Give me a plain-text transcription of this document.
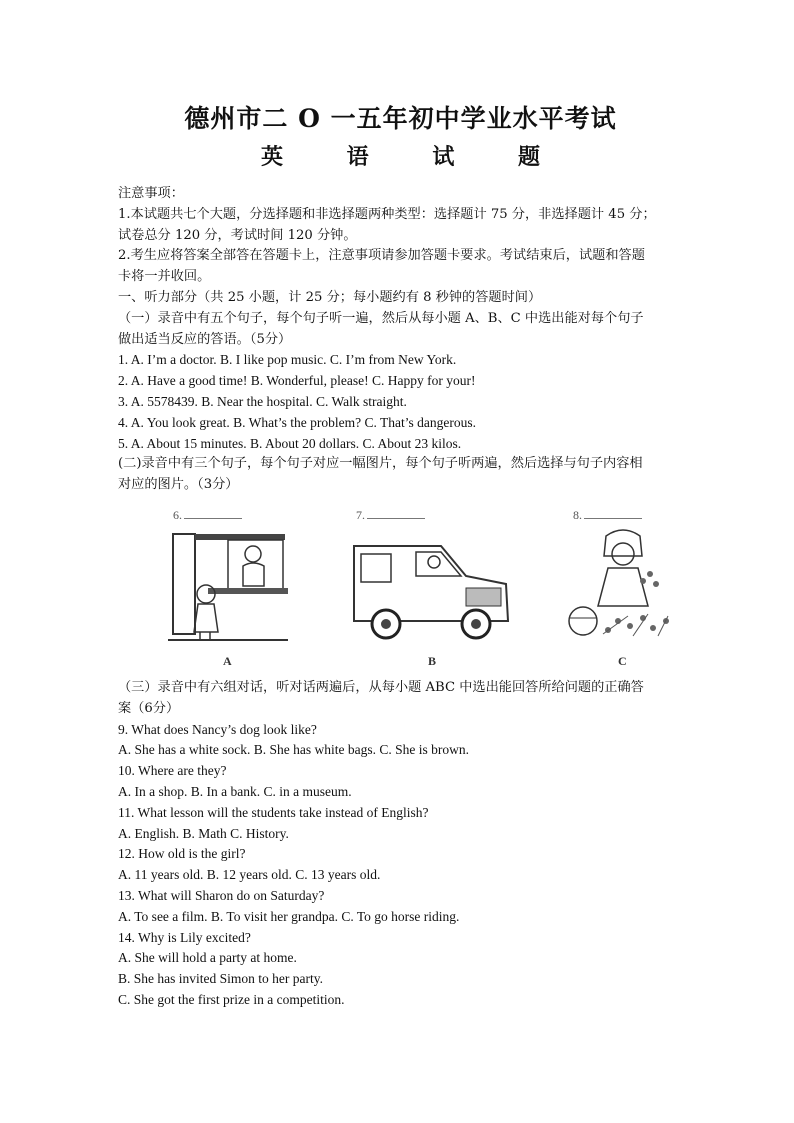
德州市二 O 一五年初中学业水平考试
英 语 试 题

注意事项：

1.本试题共七个大题，分选择题和非选择题两种类型：选择题计 75 分，非选择题计 45 分；

试卷总分 120 分，考试时间 120 分钟。

2.考生应将答案全部答在答题卡上，注意事项请参加答题卡要求。考试结束后，试题和答题

卡将一并收回。

一、听力部分（共 25 小题，计 25 分；每小题约有 8 秒钟的答题时间）

（一）录音中有五个句子，每个句子听一遍，然后从每小题 A、B、C 中选出能对每个句子

做出适当反应的答语。（5分）

1. A. I’m a doctor. B. I like pop music. C. I’m from New York.

2. A. Have a good time! B. Wonderful, please! C. Happy for your!

3. A. 5578439. B. Near the hospital. C. Walk straight.

4. A. You look great. B. What’s the problem? C. That’s dangerous.

5. A. About 15 minutes. B. About 20 dollars. C. About 23 kilos.

(二)录音中有三个句子，每个句子对应一幅图片，每个句子听两遍，然后选择与句子内容相

对应的图片。（3分）

6.
A
7.
B
8.
C

（三）录音中有六组对话，听对话两遍后，从每小题 ABC 中选出能回答所给问题的正确答

案（6分）

9. What does Nancy’s dog look like?

A. She has a white sock. B. She has white bags. C. She is brown.

10. Where are they?

A. In a shop. B. In a bank. C. in a museum.

11. What lesson will the students take instead of English?

A. English. B. Math C. History.

12. How old is the girl?

A. 11 years old. B. 12 years old. C. 13 years old.

13. What will Sharon do on Saturday?

A. To see a film. B. To visit her grandpa. C. To go horse riding.

14. Why is Lily excited?

A. She will hold a party at home.

B. She has invited Simon to her party.

C. She got the first prize in a competition.
